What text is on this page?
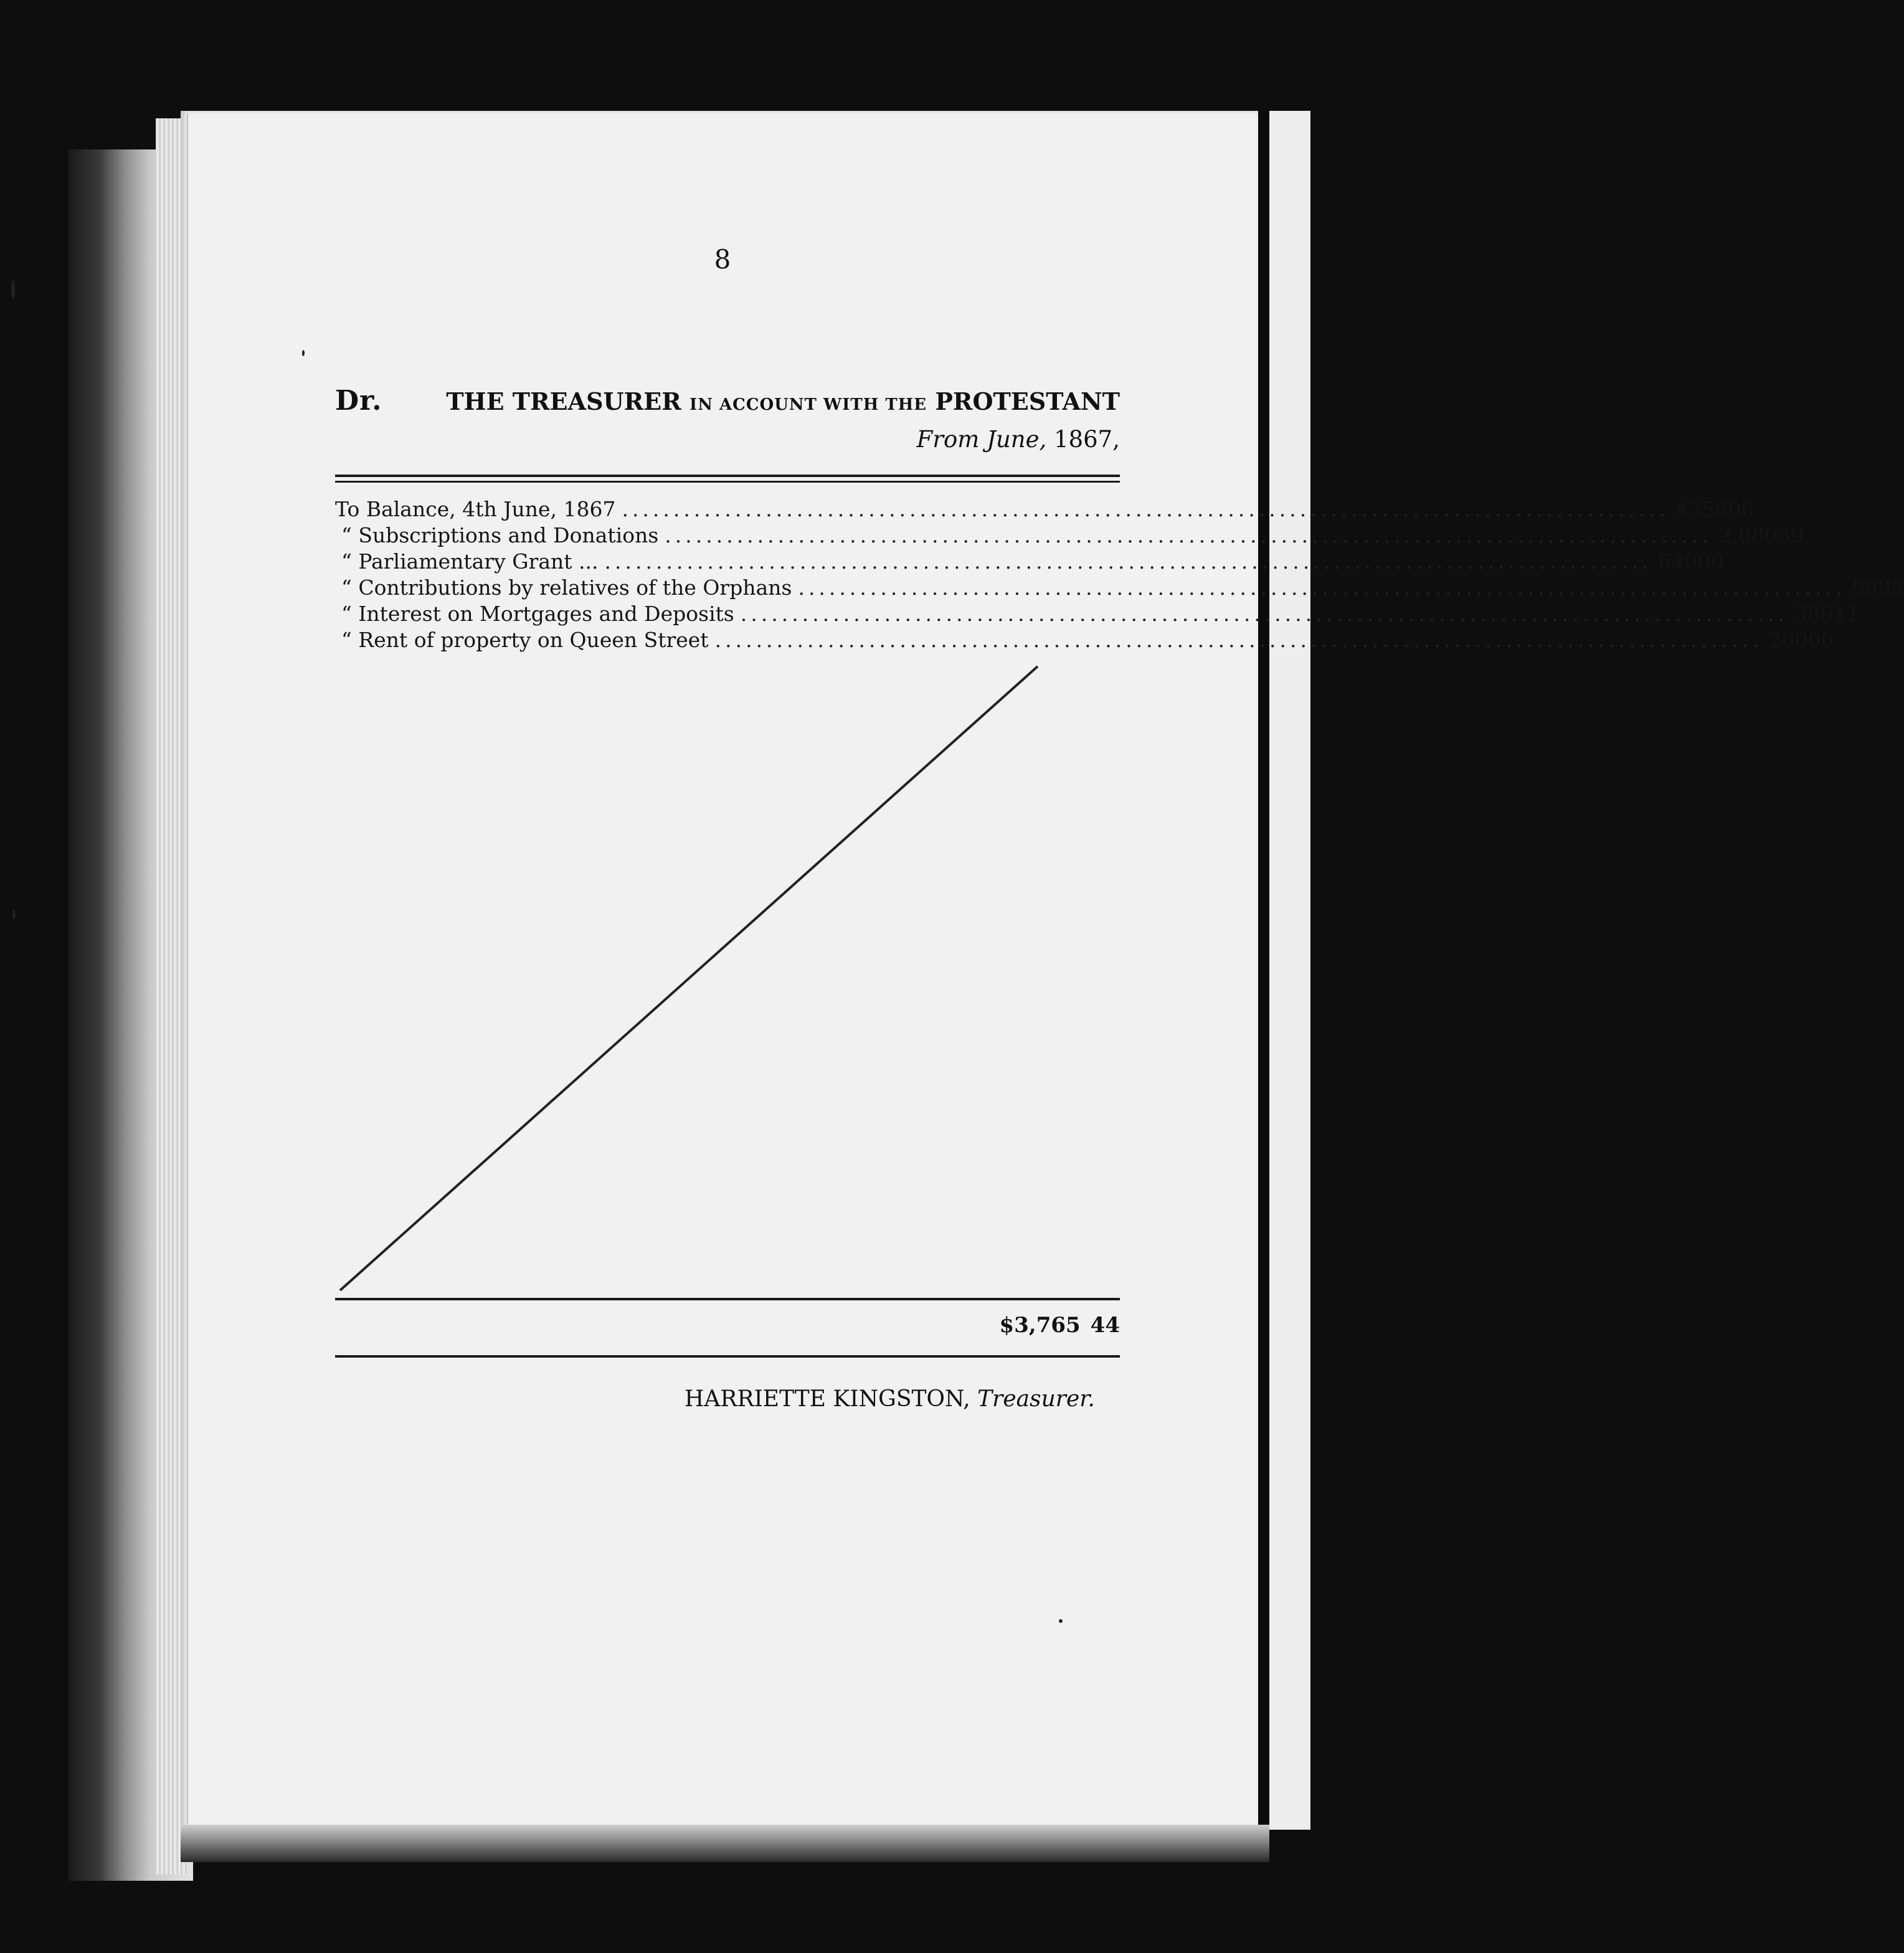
8
Dr.	THE TREASURER IN ACCOUNT WITH THE PROTESTANT
From June, 1867,
To Balance, 4th June, 1867 ...................................................................................................... $356 06
“ Subscriptions and Donations ...................................................................................................... 2,080 39
“ Parliamentary Grant ... ...................................................................................................... 640 00
“ Contributions by relatives of the Orphans ...................................................................................................... 99 88
“ Interest on Mortgages and Deposits ...................................................................................................... 389 11
“ Rent of property on Queen Street ...................................................................................................... 200 00
$3,765 44
HARRIETTE KINGSTON, Treasurer.
